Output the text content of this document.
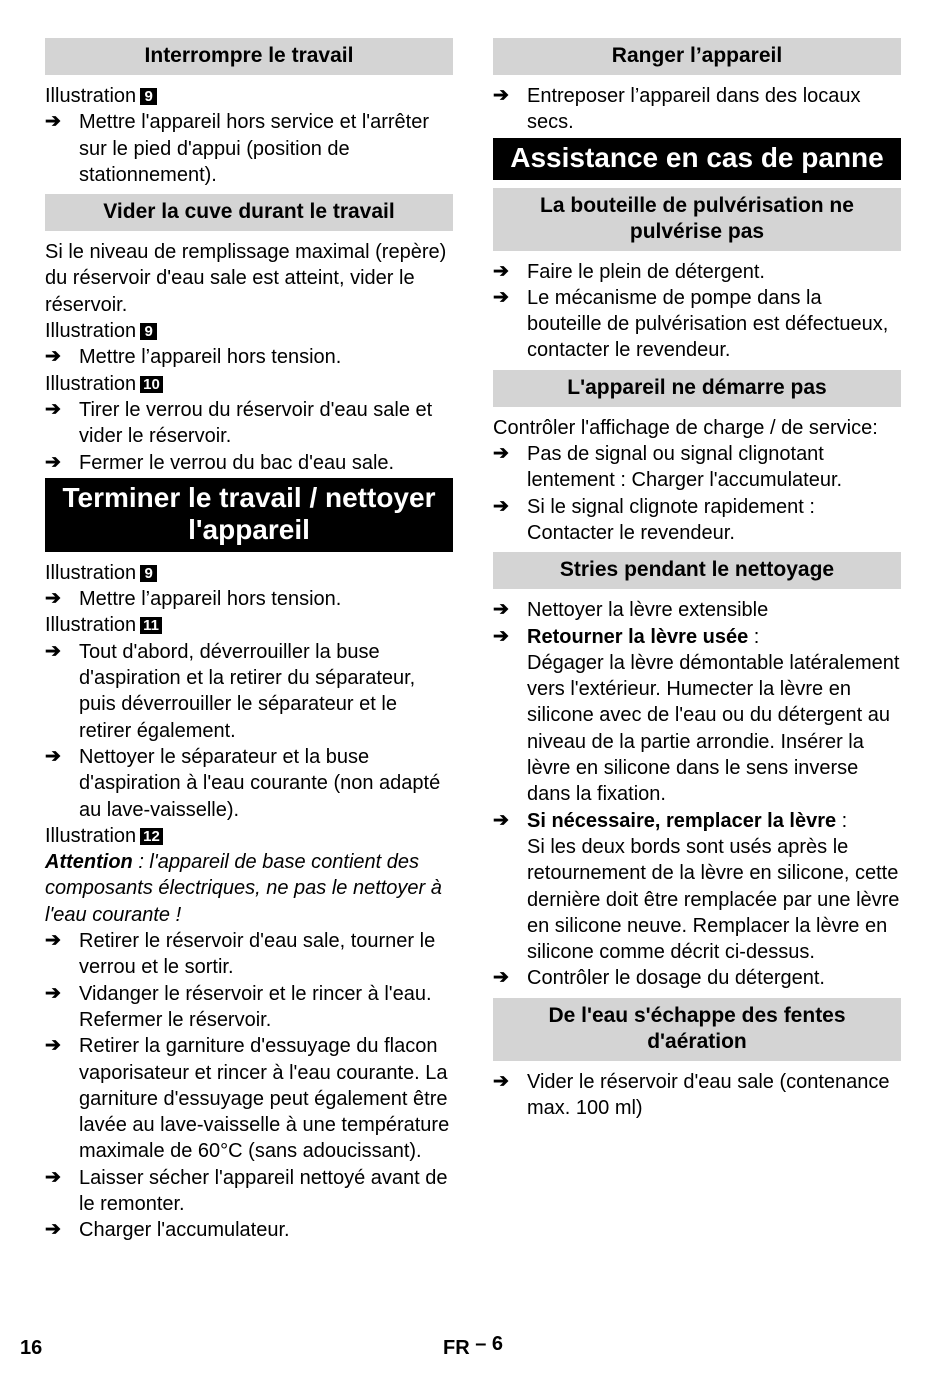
Interrompre le travail
Illustration 9
➔ Mettre l'appareil hors service et l'arrêter sur le pied d'appui (position de stationnement).
Vider la cuve durant le travail
Si le niveau de remplissage maximal (repère) du réservoir d'eau sale est atteint, vider le réservoir.
Illustration 9
➔ Mettre l’appareil hors tension.
Illustration 10
➔ Tirer le verrou du réservoir d'eau sale et vider le réservoir.
➔ Fermer le verrou du bac d'eau sale.
Terminer le travail / nettoyer
l'appareil
Illustration 9
➔ Mettre l’appareil hors tension.
Illustration 11
➔ Tout d'abord, déverrouiller la buse d'aspiration et la retirer du séparateur, puis déverrouiller le séparateur et le retirer également.
➔ Nettoyer le séparateur et la buse d'aspiration à l'eau courante (non adapté au lave-vaisselle).
Illustration 12
Attention : l'appareil de base contient des composants électriques, ne pas le nettoyer à l'eau courante !
➔ Retirer le réservoir d'eau sale, tourner le verrou et le sortir.
➔ Vidanger le réservoir et le rincer à l'eau. Refermer le réservoir.
➔ Retirer la garniture d'essuyage du flacon vaporisateur et rincer à l'eau courante. La garniture d'essuyage peut également être lavée au lave-vaisselle à une température maximale de 60°C (sans adoucissant).
➔ Laisser sécher l'appareil nettoyé avant de le remonter.
➔ Charger l'accumulateur.
Ranger l’appareil
➔ Entreposer l’appareil dans des locaux secs.
Assistance en cas de panne
La bouteille de pulvérisation ne pulvérise pas
➔ Faire le plein de détergent.
➔ Le mécanisme de pompe dans la bouteille de pulvérisation est défectueux, contacter le revendeur.
L'appareil ne démarre pas
Contrôler l'affichage de charge / de service:
➔ Pas de signal ou signal clignotant lentement : Charger l'accumulateur.
➔ Si le signal clignote rapidement : Contacter le revendeur.
Stries pendant le nettoyage
➔ Nettoyer la lèvre extensible
➔ Retourner la lèvre usée :
Dégager la lèvre démontable latéralement vers l'extérieur. Humecter la lèvre en silicone avec de l'eau ou du détergent au niveau de la partie arrondie. Insérer la lèvre en silicone dans le sens inverse dans la fixation.
➔ Si nécessaire, remplacer la lèvre :
Si les deux bords sont usés après le retournement de la lèvre en silicone, cette dernière doit être remplacée par une lèvre en silicone neuve. Remplacer la lèvre en silicone comme décrit ci-dessus.
➔ Contrôler le dosage du détergent.
De l'eau s'échappe des fentes d'aération
➔ Vider le réservoir d'eau sale (contenance max. 100 ml)
16	FR – 6
